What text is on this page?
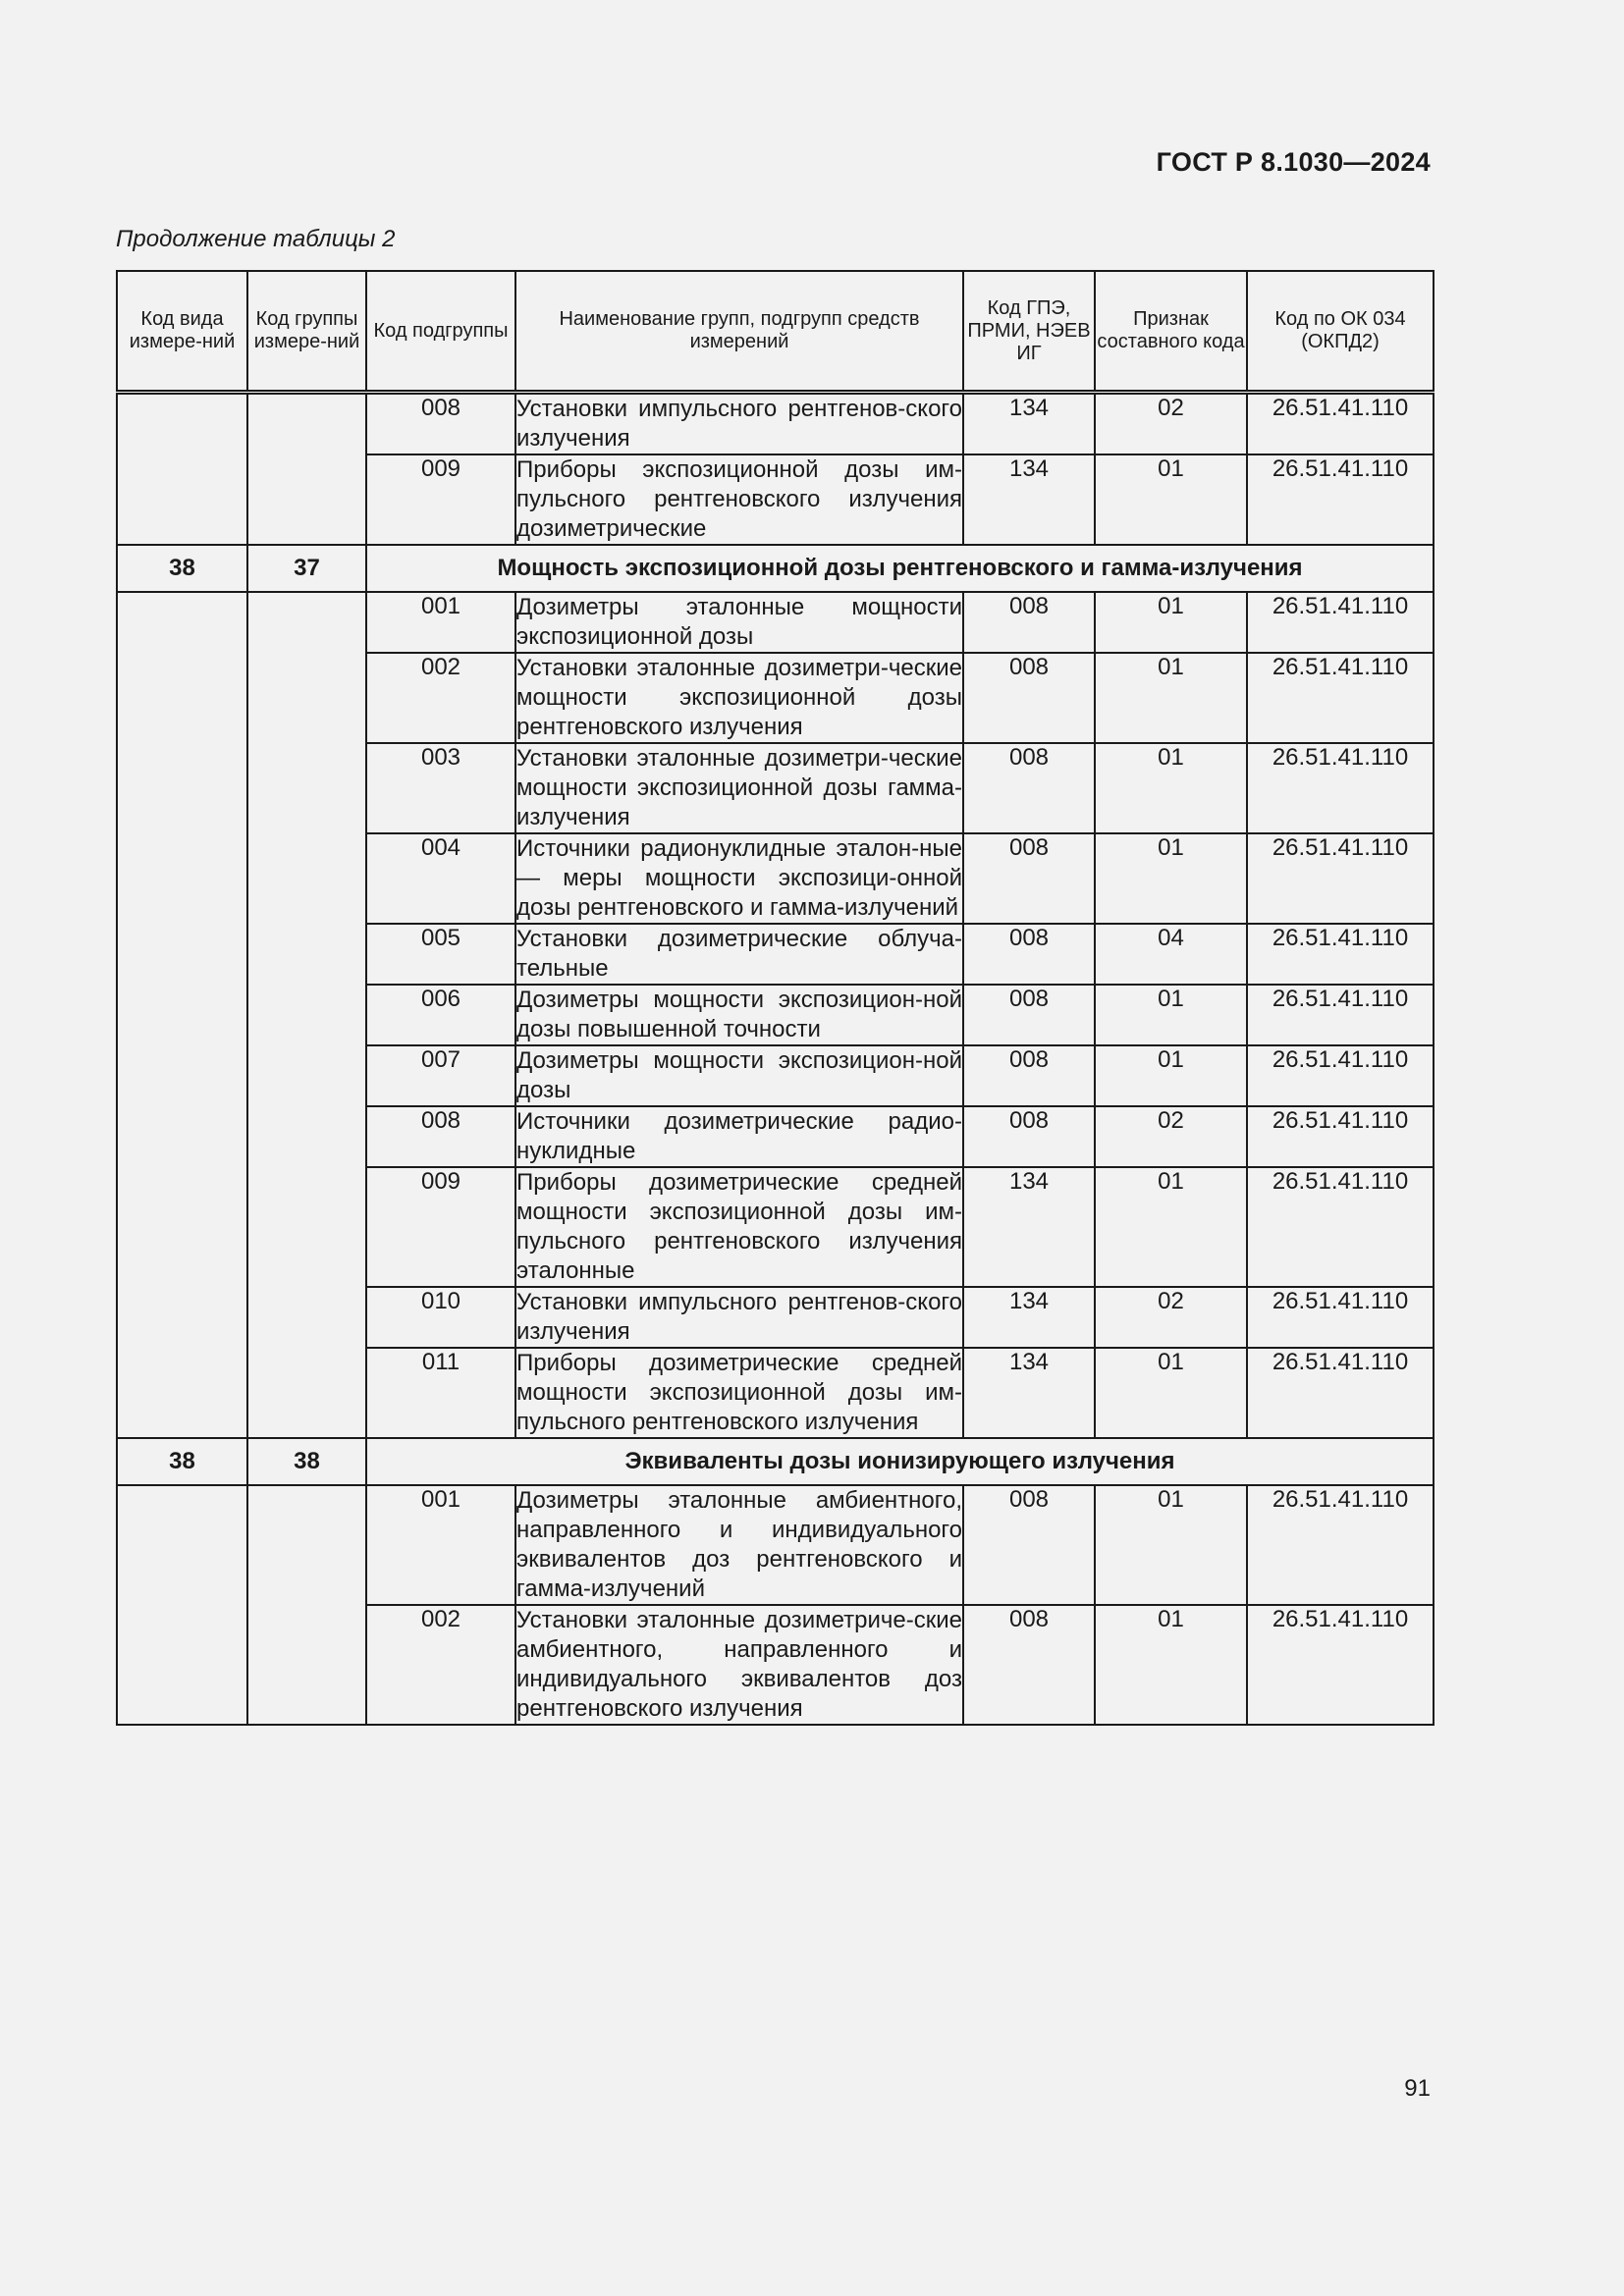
ГОСТ Р 8.1030—2024
Продолжение таблицы 2
Код вида измере-ний	Код группы измере-ний	Код подгруппы	Наименование групп, подгрупп средств измерений	Код ГПЭ, ПРМИ, НЭЕВ ИГ	Признак составного кода	Код по ОК 034 (ОКПД2)
		008	Установки импульсного рентгенов-ского излучения	134	02	26.51.41.110
		009	Приборы экспозиционной дозы им-пульсного рентгеновского излучения дозиметрические	134	01	26.51.41.110
38	37	Мощность экспозиционной дозы рентгеновского и гамма-излучения				
		001	Дозиметры эталонные мощности экспозиционной дозы	008	01	26.51.41.110
		002	Установки эталонные дозиметри-ческие мощности экспозиционной дозы рентгеновского излучения	008	01	26.51.41.110
		003	Установки эталонные дозиметри-ческие мощности экспозиционной дозы гамма-излучения	008	01	26.51.41.110
		004	Источники радионуклидные эталон-ные — меры мощности экспозици-онной дозы рентгеновского и гамма-излучений	008	01	26.51.41.110
		005	Установки дозиметрические облуча-тельные	008	04	26.51.41.110
		006	Дозиметры мощности экспозицион-ной дозы повышенной точности	008	01	26.51.41.110
		007	Дозиметры мощности экспозицион-ной дозы	008	01	26.51.41.110
		008	Источники дозиметрические радио-нуклидные	008	02	26.51.41.110
		009	Приборы дозиметрические средней мощности экспозиционной дозы им-пульсного рентгеновского излучения эталонные	134	01	26.51.41.110
		010	Установки импульсного рентгенов-ского излучения	134	02	26.51.41.110
		011	Приборы дозиметрические средней мощности экспозиционной дозы им-пульсного рентгеновского излучения	134	01	26.51.41.110
38	38	Эквиваленты дозы ионизирующего излучения				
		001	Дозиметры эталонные амбиентного, направленного и индивидуального эквивалентов доз рентгеновского и гамма-излучений	008	01	26.51.41.110
		002	Установки эталонные дозиметриче-ские амбиентного, направленного и индивидуального эквивалентов доз рентгеновского излучения	008	01	26.51.41.110
91
